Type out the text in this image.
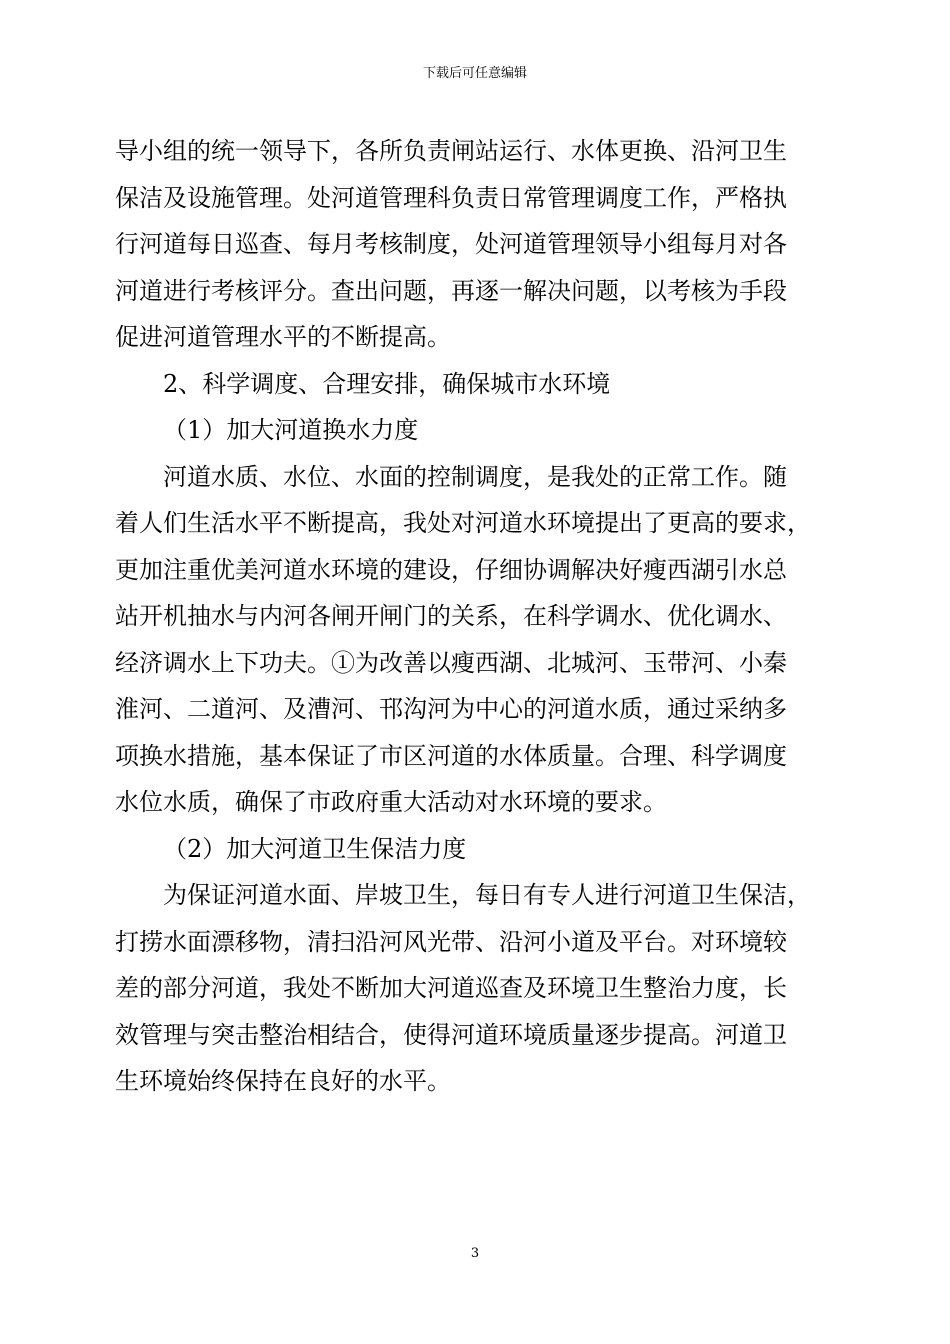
下载后可任意编辑

导小组的统一领导下，各所负责闸站运行、水体更换、沿河卫生
保洁及设施管理。处河道管理科负责日常管理调度工作，严格执
行河道每日巡查、每月考核制度，处河道管理领导小组每月对各
河道进行考核评分。查出问题，再逐一解决问题，以考核为手段
促进河道管理水平的不断提高。

2、科学调度、合理安排，确保城市水环境

（1）加大河道换水力度

河道水质、水位、水面的控制调度，是我处的正常工作。随
着人们生活水平不断提高，我处对河道水环境提出了更高的要求，
更加注重优美河道水环境的建设，仔细协调解决好瘦西湖引水总
站开机抽水与内河各闸开闸门的关系，在科学调水、优化调水、
经济调水上下功夫。①为改善以瘦西湖、北城河、玉带河、小秦
淮河、二道河、及漕河、邗沟河为中心的河道水质，通过采纳多
项换水措施，基本保证了市区河道的水体质量。合理、科学调度
水位水质，确保了市政府重大活动对水环境的要求。

（2）加大河道卫生保洁力度

为保证河道水面、岸坡卫生，每日有专人进行河道卫生保洁，
打捞水面漂移物，清扫沿河风光带、沿河小道及平台。对环境较
差的部分河道，我处不断加大河道巡查及环境卫生整治力度，长
效管理与突击整治相结合，使得河道环境质量逐步提高。河道卫
生环境始终保持在良好的水平。

3
